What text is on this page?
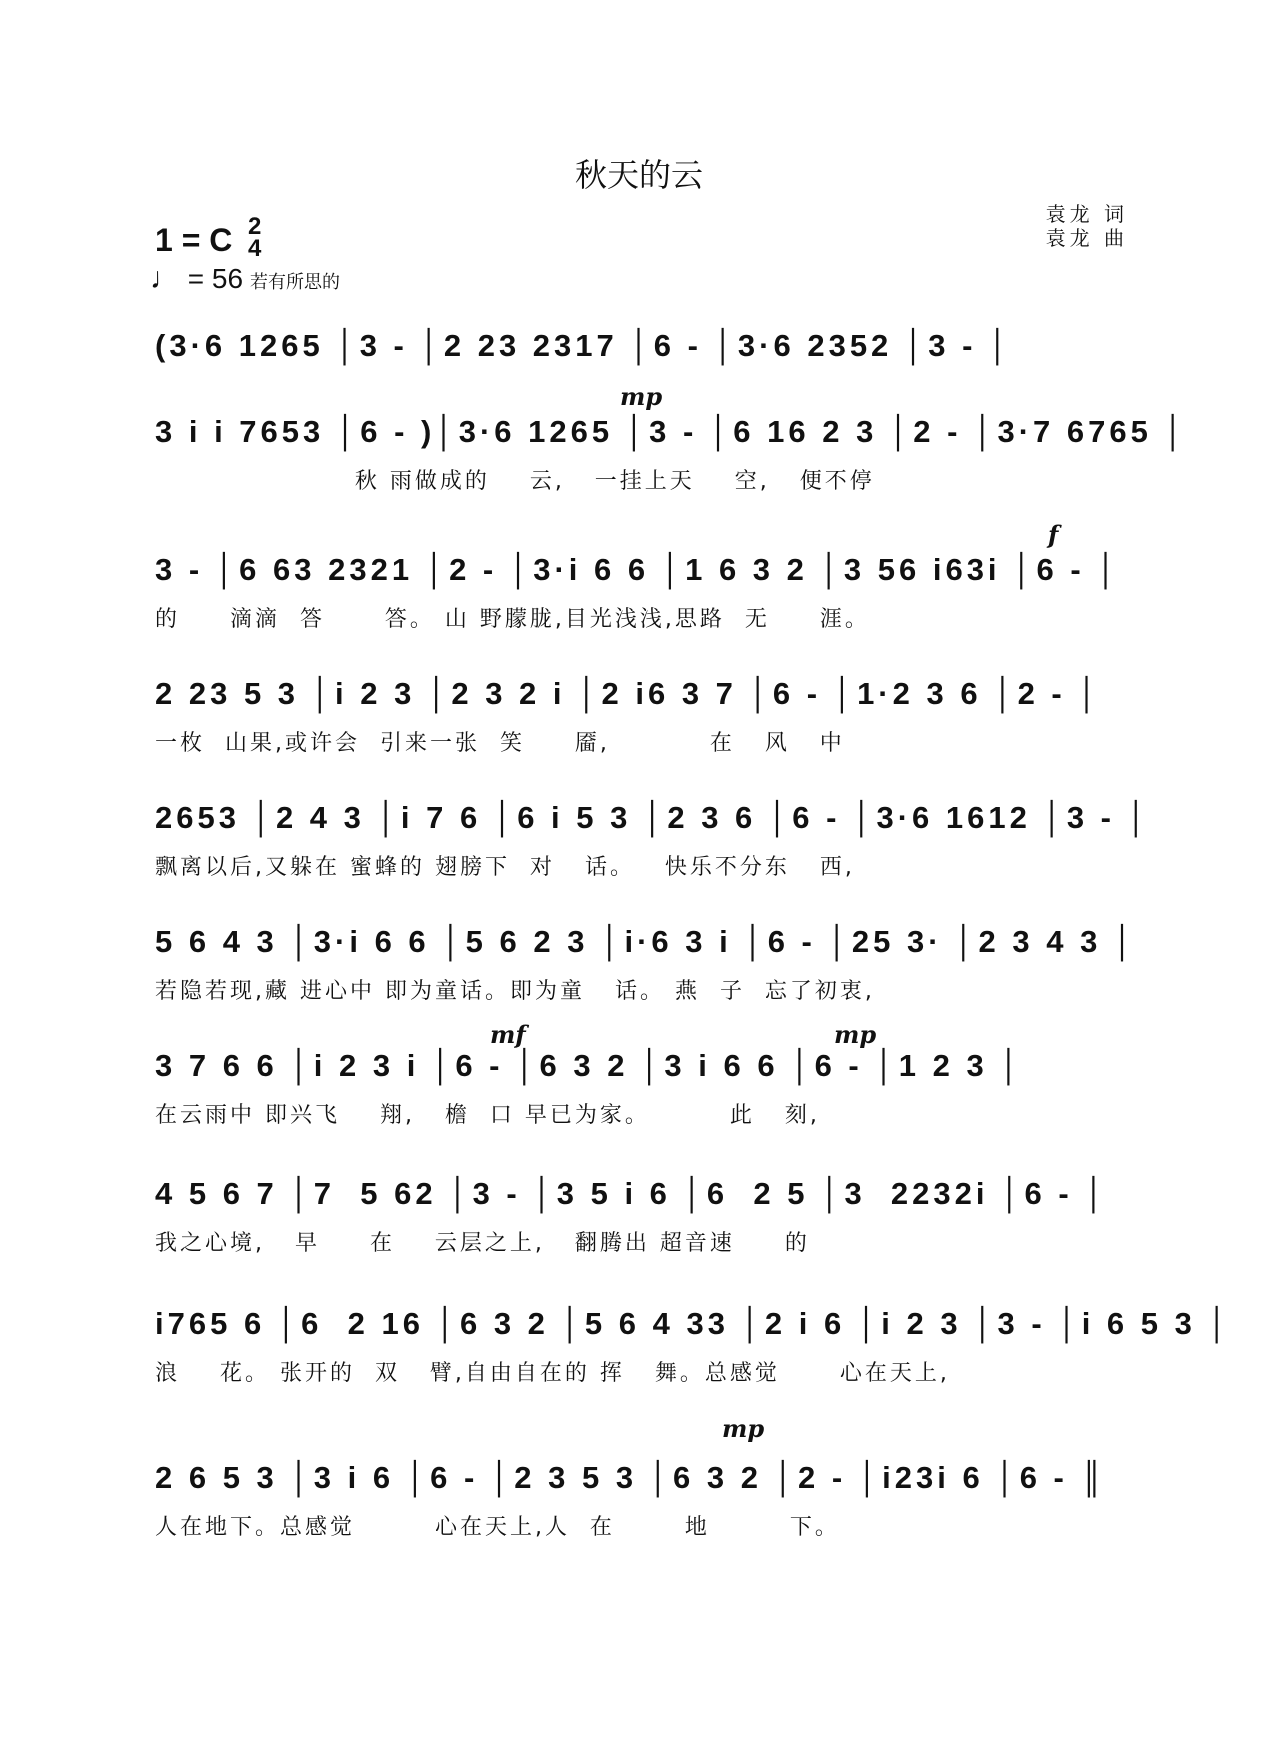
秋天的云
1 = C 2
4
♩ = 56 若有所思的
袁龙 词
袁龙 曲
(3·6 1265 │3 - │2 23 2317 │6 - │3·6 2352 │3 - │
3 i i 7653 │6 - )│3·6 1265 │3 - │6 16 2 3 │2 - │3·7 6765 │
秋 雨做成的    云,   一挂上天    空,   便不停
3 - │6 63 2321 │2 - │3·i 6 6 │1 6 3 2 │3 56 i63i │6 - │
的     滴滴  答      答。 山 野朦胧,目光浅浅,思路  无     涯。
2 23 5 3 │i 2 3 │2 3 2 i │2 i6 3 7 │6 - │1·2 3 6 │2 - │
一枚  山果,或许会  引来一张  笑     靥,          在   风   中
2653 │2 4 3 │i 7 6 │6 i 5 3 │2 3 6 │6 - │3·6 1612 │3 - │
飘离以后,又躲在 蜜蜂的 翅膀下  对   话。   快乐不分东   西,
5 6 4 3 │3·i 6 6 │5 6 2 3 │i·6 3 i │6 - │25 3· │2 3 4 3 │
若隐若现,藏 进心中 即为童话。即为童   话。 燕  子  忘了初衷,
3 7 6 6 │i 2 3 i │6 - │6 3 2 │3 i 6 6 │6 - │1 2 3 │
在云雨中 即兴飞    翔,   檐  口 早已为家。        此   刻,
4 5 6 7 │7  5 62 │3 - │3 5 i 6 │6  2 5 │3  2232i │6 - │
我之心境,   早     在    云层之上,   翻腾出 超音速     的
i765 6 │6  2 16 │6 3 2 │5 6 4 33 │2 i 6 │i 2 3 │3 - │i 6 5 3 │
浪    花。 张开的  双   臂,自由自在的 挥   舞。总感觉      心在天上,
2 6 5 3 │3 i 6 │6 - │2 3 5 3 │6 3 2 │2 - │i23i 6 │6 - ║
人在地下。总感觉        心在天上,人  在       地        下。
mp
f
mf	mp
mp
